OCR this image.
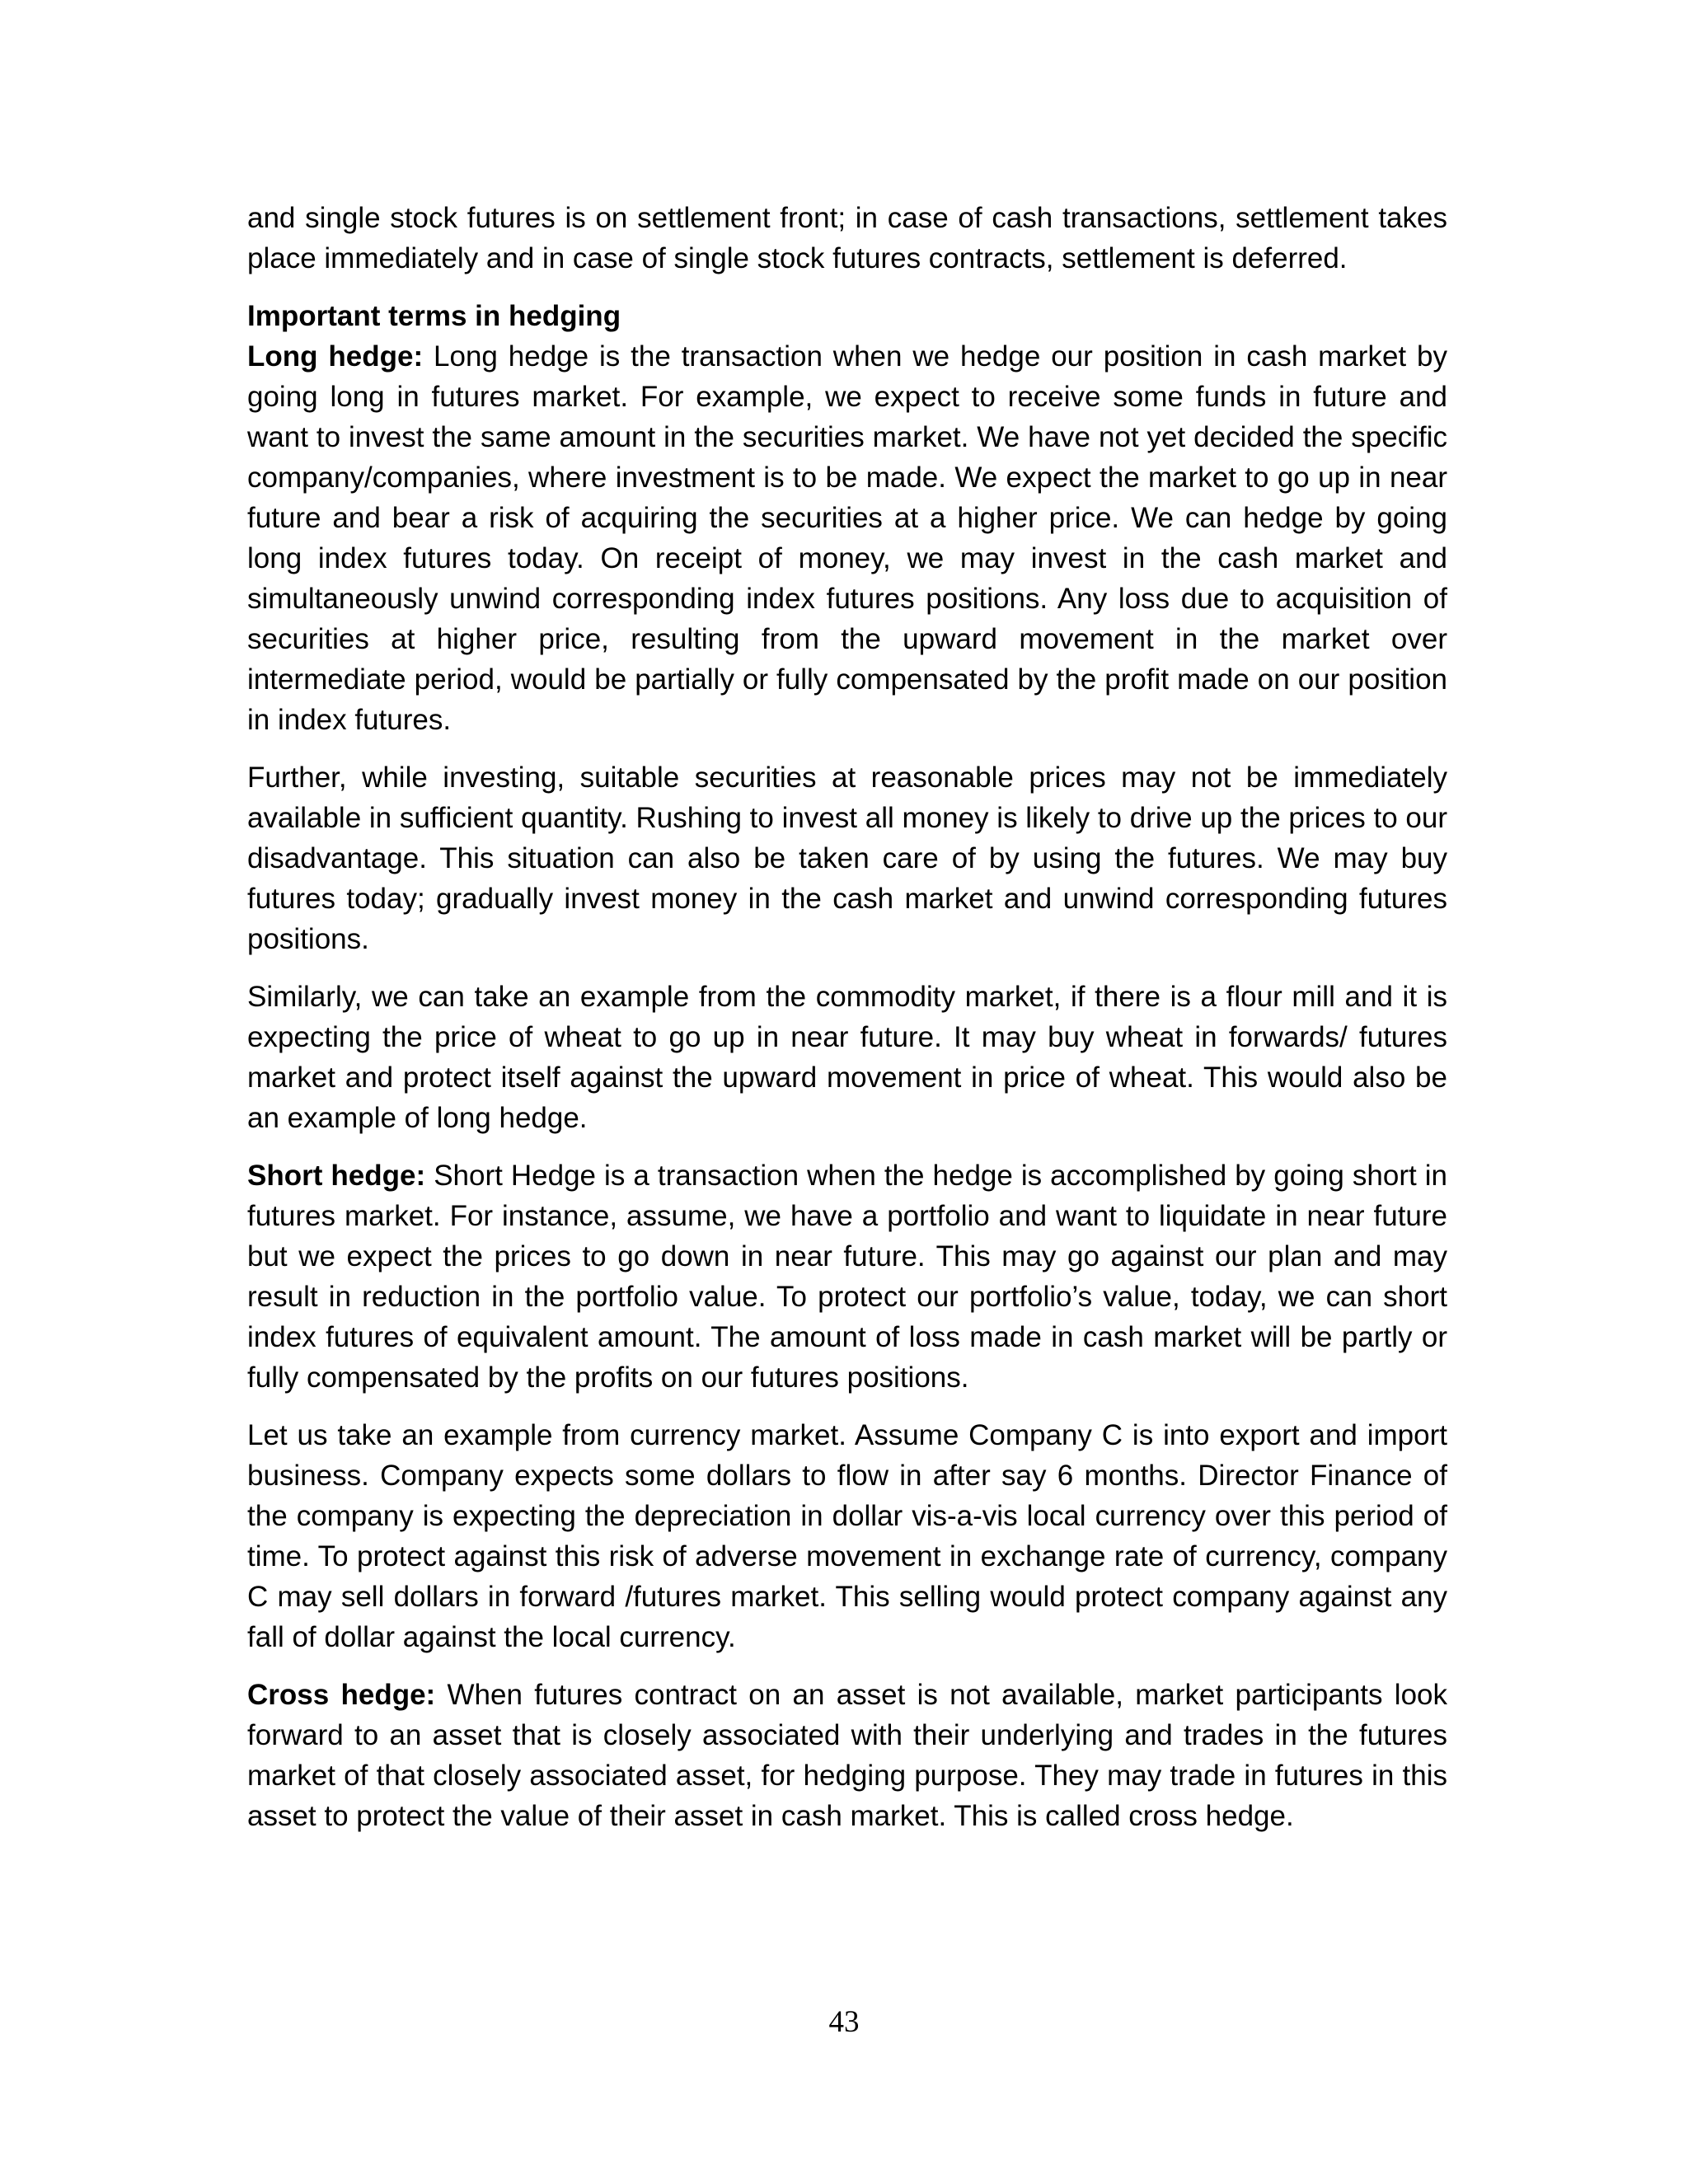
and single stock futures is on settlement front; in case of cash transactions, settlement takes place immediately and in case of single stock futures contracts, settlement is deferred.

Important terms in hedging

Long hedge: Long hedge is the transaction when we hedge our position in cash market by going long in futures market. For example, we expect to receive some funds in future and want to invest the same amount in the securities market. We have not yet decided the specific company/companies, where investment is to be made. We expect the market to go up in near future and bear a risk of acquiring the securities at a higher price. We can hedge by going long index futures today. On receipt of money, we may invest in the cash market and simultaneously unwind corresponding index futures positions. Any loss due to acquisition of securities at higher price, resulting from the upward movement in the market over intermediate period, would be partially or fully compensated by the profit made on our position in index futures.

Further, while investing, suitable securities at reasonable prices may not be immediately available in sufficient quantity. Rushing to invest all money is likely to drive up the prices to our disadvantage. This situation can also be taken care of by using the futures. We may buy futures today; gradually invest money in the cash market and unwind corresponding futures positions.

Similarly, we can take an example from the commodity market, if there is a flour mill and it is expecting the price of wheat to go up in near future. It may buy wheat in forwards/ futures market and protect itself against the upward movement in price of wheat. This would also be an example of long hedge.

Short hedge: Short Hedge is a transaction when the hedge is accomplished by going short in futures market. For instance, assume, we have a portfolio and want to liquidate in near future but we expect the prices to go down in near future. This may go against our plan and may result in reduction in the portfolio value. To protect our portfolio’s value, today, we can short index futures of equivalent amount. The amount of loss made in cash market will be partly or fully compensated by the profits on our futures positions.

Let us take an example from currency market. Assume Company C is into export and import business. Company expects some dollars to flow in after say 6 months. Director Finance of the company is expecting the depreciation in dollar vis-a-vis local currency over this period of time. To protect against this risk of adverse movement in exchange rate of currency, company C may sell dollars in forward /futures market. This selling would protect company against any fall of dollar against the local currency.

Cross hedge: When futures contract on an asset is not available, market participants look forward to an asset that is closely associated with their underlying and trades in the futures market of that closely associated asset, for hedging purpose. They may trade in futures in this asset to protect the value of their asset in cash market. This is called cross hedge.

43
